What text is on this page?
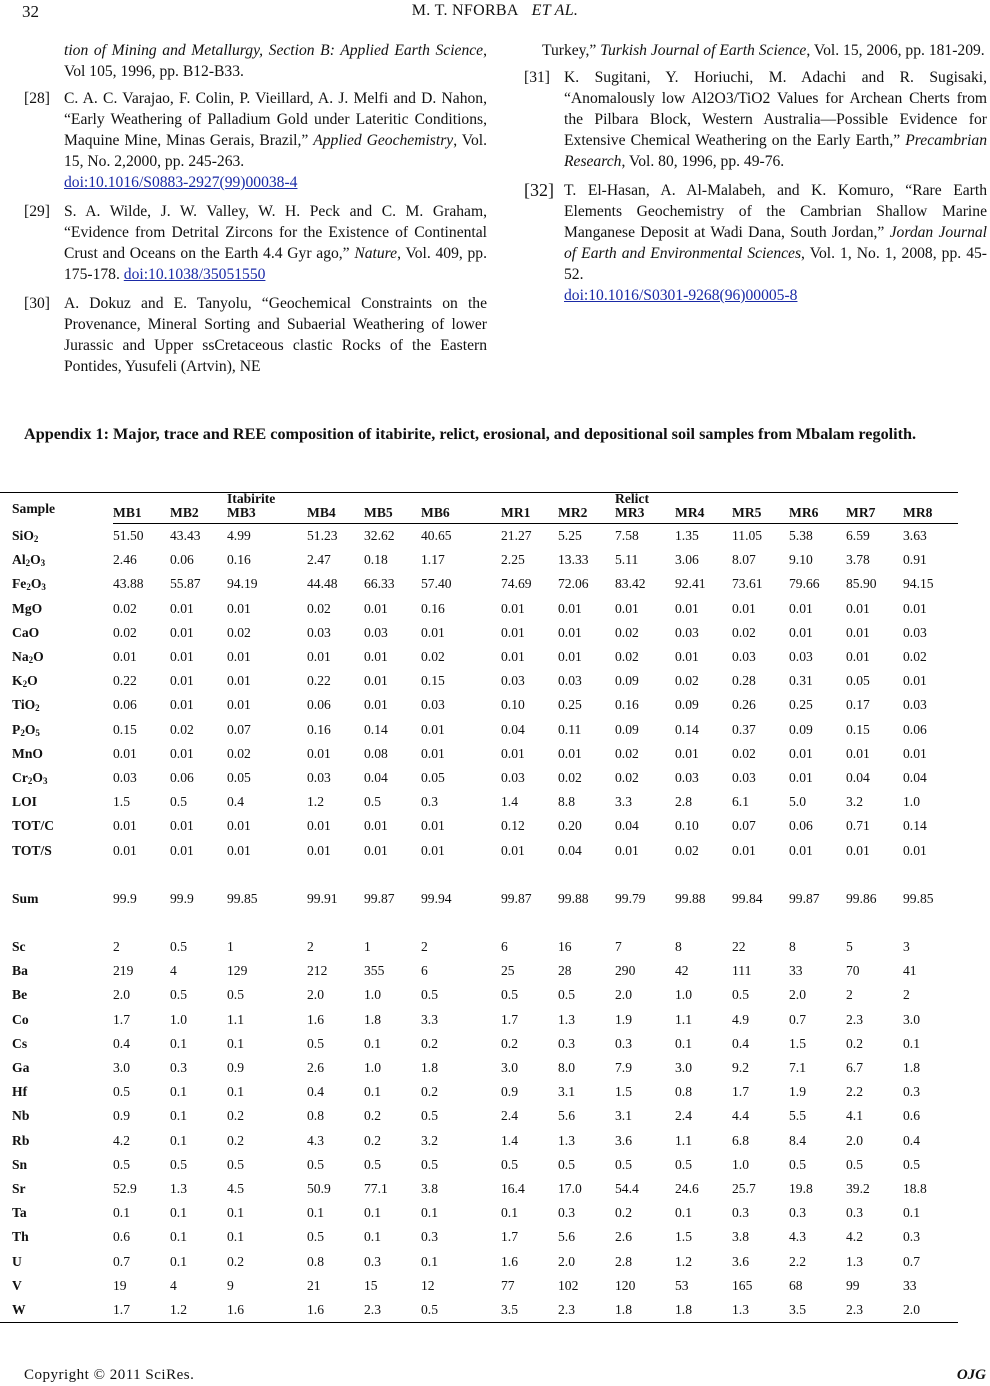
32	M. T. NFORBA ET AL.
tion of Mining and Metallurgy, Section B: Applied Earth Science, Vol 105, 1996, pp. B12-B33.
[28] C. A. C. Varajao, F. Colin, P. Vieillard, A. J. Melfi and D. Nahon, “Early Weathering of Palladium Gold under Lateritic Conditions, Maquine Mine, Minas Gerais, Brazil,” Applied Geochemistry, Vol. 15, No. 2,2000, pp. 245-263.
doi:10.1016/S0883-2927(99)00038-4
[29] S. A. Wilde, J. W. Valley, W. H. Peck and C. M. Graham, “Evidence from Detrital Zircons for the Existence of Continental Crust and Oceans on the Earth 4.4 Gyr ago,” Nature, Vol. 409, pp. 175-178. doi:10.1038/35051550
[30] A. Dokuz and E. Tanyolu, “Geochemical Constraints on the Provenance, Mineral Sorting and Subaerial Weathering of lower Jurassic and Upper ssCretaceous clastic Rocks of the Eastern Pontides, Yusufeli (Artvin), NE
Turkey,” Turkish Journal of Earth Science, Vol. 15, 2006, pp. 181-209.
[31] K. Sugitani, Y. Horiuchi, M. Adachi and R. Sugisaki, “Anomalously low Al2O3/TiO2 Values for Archean Cherts from the Pilbara Block, Western Australia—Possible Evidence for Extensive Chemical Weathering on the Early Earth,” Precambrian Research, Vol. 80, 1996, pp. 49-76.
[32] T. El-Hasan, A. Al-Malabeh, and K. Komuro, “Rare Earth Elements Geochemistry of the Cambrian Shallow Marine Manganese Deposit at Wadi Dana, South Jordan,” Jordan Journal of Earth and Environmental Sciences, Vol. 1, No. 1, 2008, pp. 45-52.
doi:10.1016/S0301-9268(96)00005-8
Appendix 1: Major, trace and REE composition of itabirite, relict, erosional, and depositional soil samples from Mbalam regolith.
Sample			Itabirite						Relict					
	MB1	MB2	MB3	MB4	MB5	MB6	MR1	MR2	MR3	MR4	MR5	MR6	MR7	MR8
SiO$_2$	51.50	43.43	4.99	51.23	32.62	40.65	21.27	5.25	7.58	1.35	11.05	5.38	6.59	3.63
$Al_2O_3$	2.46	0.06	0.16	2.47	0.18	1.17	2.25	13.33	5.11	3.06	8.07	9.10	3.78	0.91
$Fe_2O_3$	43.88	55.87	94.19	44.48	66.33	57.40	74.69	72.06	83.42	92.41	73.61	79.66	85.90	94.15
MgO	0.02	0.01	0.01	0.02	0.01	0.16	0.01	0.01	0.01	0.01	0.01	0.01	0.01	0.01
CaO	0.02	0.01	0.02	0.03	0.03	0.01	0.01	0.01	0.02	0.03	0.02	0.01	0.01	0.03
$Na_2O$	0.01	0.01	0.01	0.01	0.01	0.02	0.01	0.01	0.02	0.01	0.03	0.03	0.01	0.02
$K_2O$	0.22	0.01	0.01	0.22	0.01	0.15	0.03	0.03	0.09	0.02	0.28	0.31	0.05	0.01
TiO$_2$	0.06	0.01	0.01	0.06	0.01	0.03	0.10	0.25	0.16	0.09	0.26	0.25	0.17	0.03
$P_2O_5$	0.15	0.02	0.07	0.16	0.14	0.01	0.04	0.11	0.09	0.14	0.37	0.09	0.15	0.06
MnO	0.01	0.01	0.02	0.01	0.08	0.01	0.01	0.01	0.02	0.01	0.02	0.01	0.01	0.01
$Cr_2O_3$	0.03	0.06	0.05	0.03	0.04	0.05	0.03	0.02	0.02	0.03	0.03	0.01	0.04	0.04
LOI	1.5	0.5	0.4	1.2	0.5	0.3	1.4	8.8	3.3	2.8	6.1	5.0	3.2	1.0
TOT/C	0.01	0.01	0.01	0.01	0.01	0.01	0.12	0.20	0.04	0.10	0.07	0.06	0.71	0.14
TOT/S	0.01	0.01	0.01	0.01	0.01	0.01	0.01	0.04	0.01	0.02	0.01	0.01	0.01	0.01

Sum	99.9	99.9	99.85	99.91	99.87	99.94	99.87	99.88	99.79	99.88	99.84	99.87	99.86	99.85

Sc	2	0.5	1	2	1	2	6	16	7	8	22	8	5	3
Ba	219	4	129	212	355	6	25	28	290	42	111	33	70	41
Be	2.0	0.5	0.5	2.0	1.0	0.5	0.5	0.5	2.0	1.0	0.5	2.0	2	2
Co	1.7	1.0	1.1	1.6	1.8	3.3	1.7	1.3	1.9	1.1	4.9	0.7	2.3	3.0
Cs	0.4	0.1	0.1	0.5	0.1	0.2	0.2	0.3	0.3	0.1	0.4	1.5	0.2	0.1
Ga	3.0	0.3	0.9	2.6	1.0	1.8	3.0	8.0	7.9	3.0	9.2	7.1	6.7	1.8
Hf	0.5	0.1	0.1	0.4	0.1	0.2	0.9	3.1	1.5	0.8	1.7	1.9	2.2	0.3
Nb	0.9	0.1	0.2	0.8	0.2	0.5	2.4	5.6	3.1	2.4	4.4	5.5	4.1	0.6
Rb	4.2	0.1	0.2	4.3	0.2	3.2	1.4	1.3	3.6	1.1	6.8	8.4	2.0	0.4
Sn	0.5	0.5	0.5	0.5	0.5	0.5	0.5	0.5	0.5	0.5	1.0	0.5	0.5	0.5
Sr	52.9	1.3	4.5	50.9	77.1	3.8	16.4	17.0	54.4	24.6	25.7	19.8	39.2	18.8
Ta	0.1	0.1	0.1	0.1	0.1	0.1	0.1	0.3	0.2	0.1	0.3	0.3	0.3	0.1
Th	0.6	0.1	0.1	0.5	0.1	0.3	1.7	5.6	2.6	1.5	3.8	4.3	4.2	0.3
U	0.7	0.1	0.2	0.8	0.3	0.1	1.6	2.0	2.8	1.2	3.6	2.2	1.3	0.7
V	19	4	9	21	15	12	77	102	120	53	165	68	99	33
W	1.7	1.2	1.6	1.6	2.3	0.5	3.5	2.3	1.8	1.8	1.3	3.5	2.3	2.0
Copyright © 2011 SciRes.	OJG
